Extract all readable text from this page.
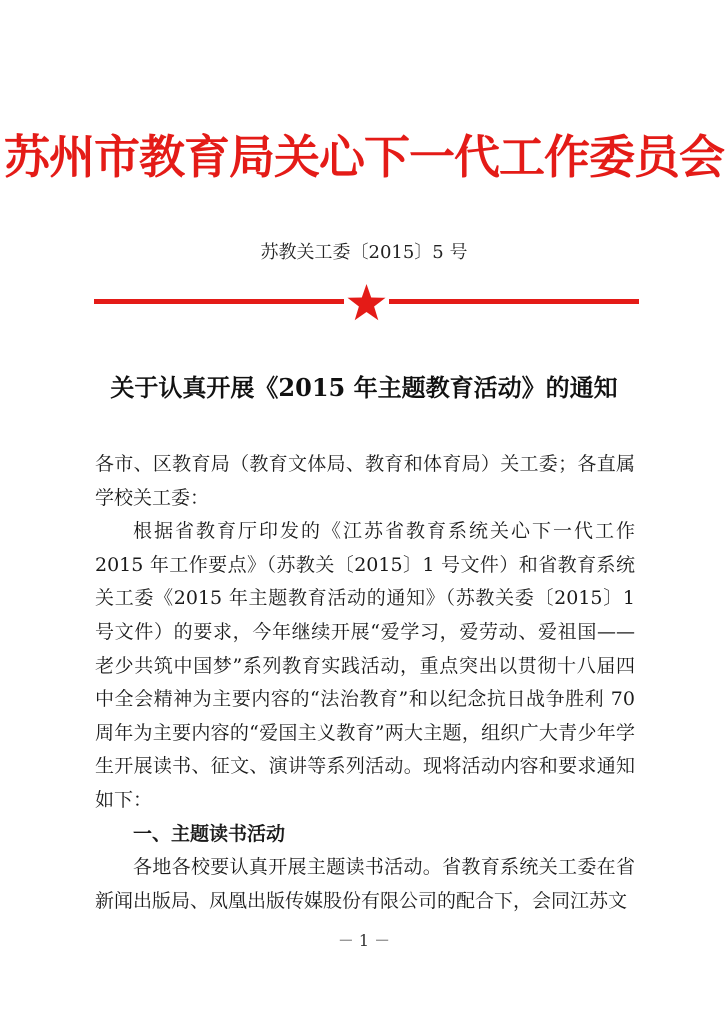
苏州市教育局关心下一代工作委员会
苏教关工委〔2015〕5 号
关于认真开展《2015 年主题教育活动》的通知

各市、区教育局（教育文体局、教育和体育局）关工委；各直属学校关工委：

根据省教育厅印发的《江苏省教育系统关心下一代工作 2015 年工作要点》（苏教关〔2015〕1 号文件）和省教育系统关工委《2015 年主题教育活动的通知》（苏教关委〔2015〕1 号文件）的要求，今年继续开展“爱学习，爱劳动、爱祖国——老少共筑中国梦”系列教育实践活动，重点突出以贯彻十八届四中全会精神为主要内容的“法治教育”和以纪念抗日战争胜利 70 周年为主要内容的“爱国主义教育”两大主题，组织广大青少年学生开展读书、征文、演讲等系列活动。现将活动内容和要求通知如下：

一、主题读书活动

各地各校要认真开展主题读书活动。省教育系统关工委在省新闻出版局、凤凰出版传媒股份有限公司的配合下，会同江苏文

－ 1 －
